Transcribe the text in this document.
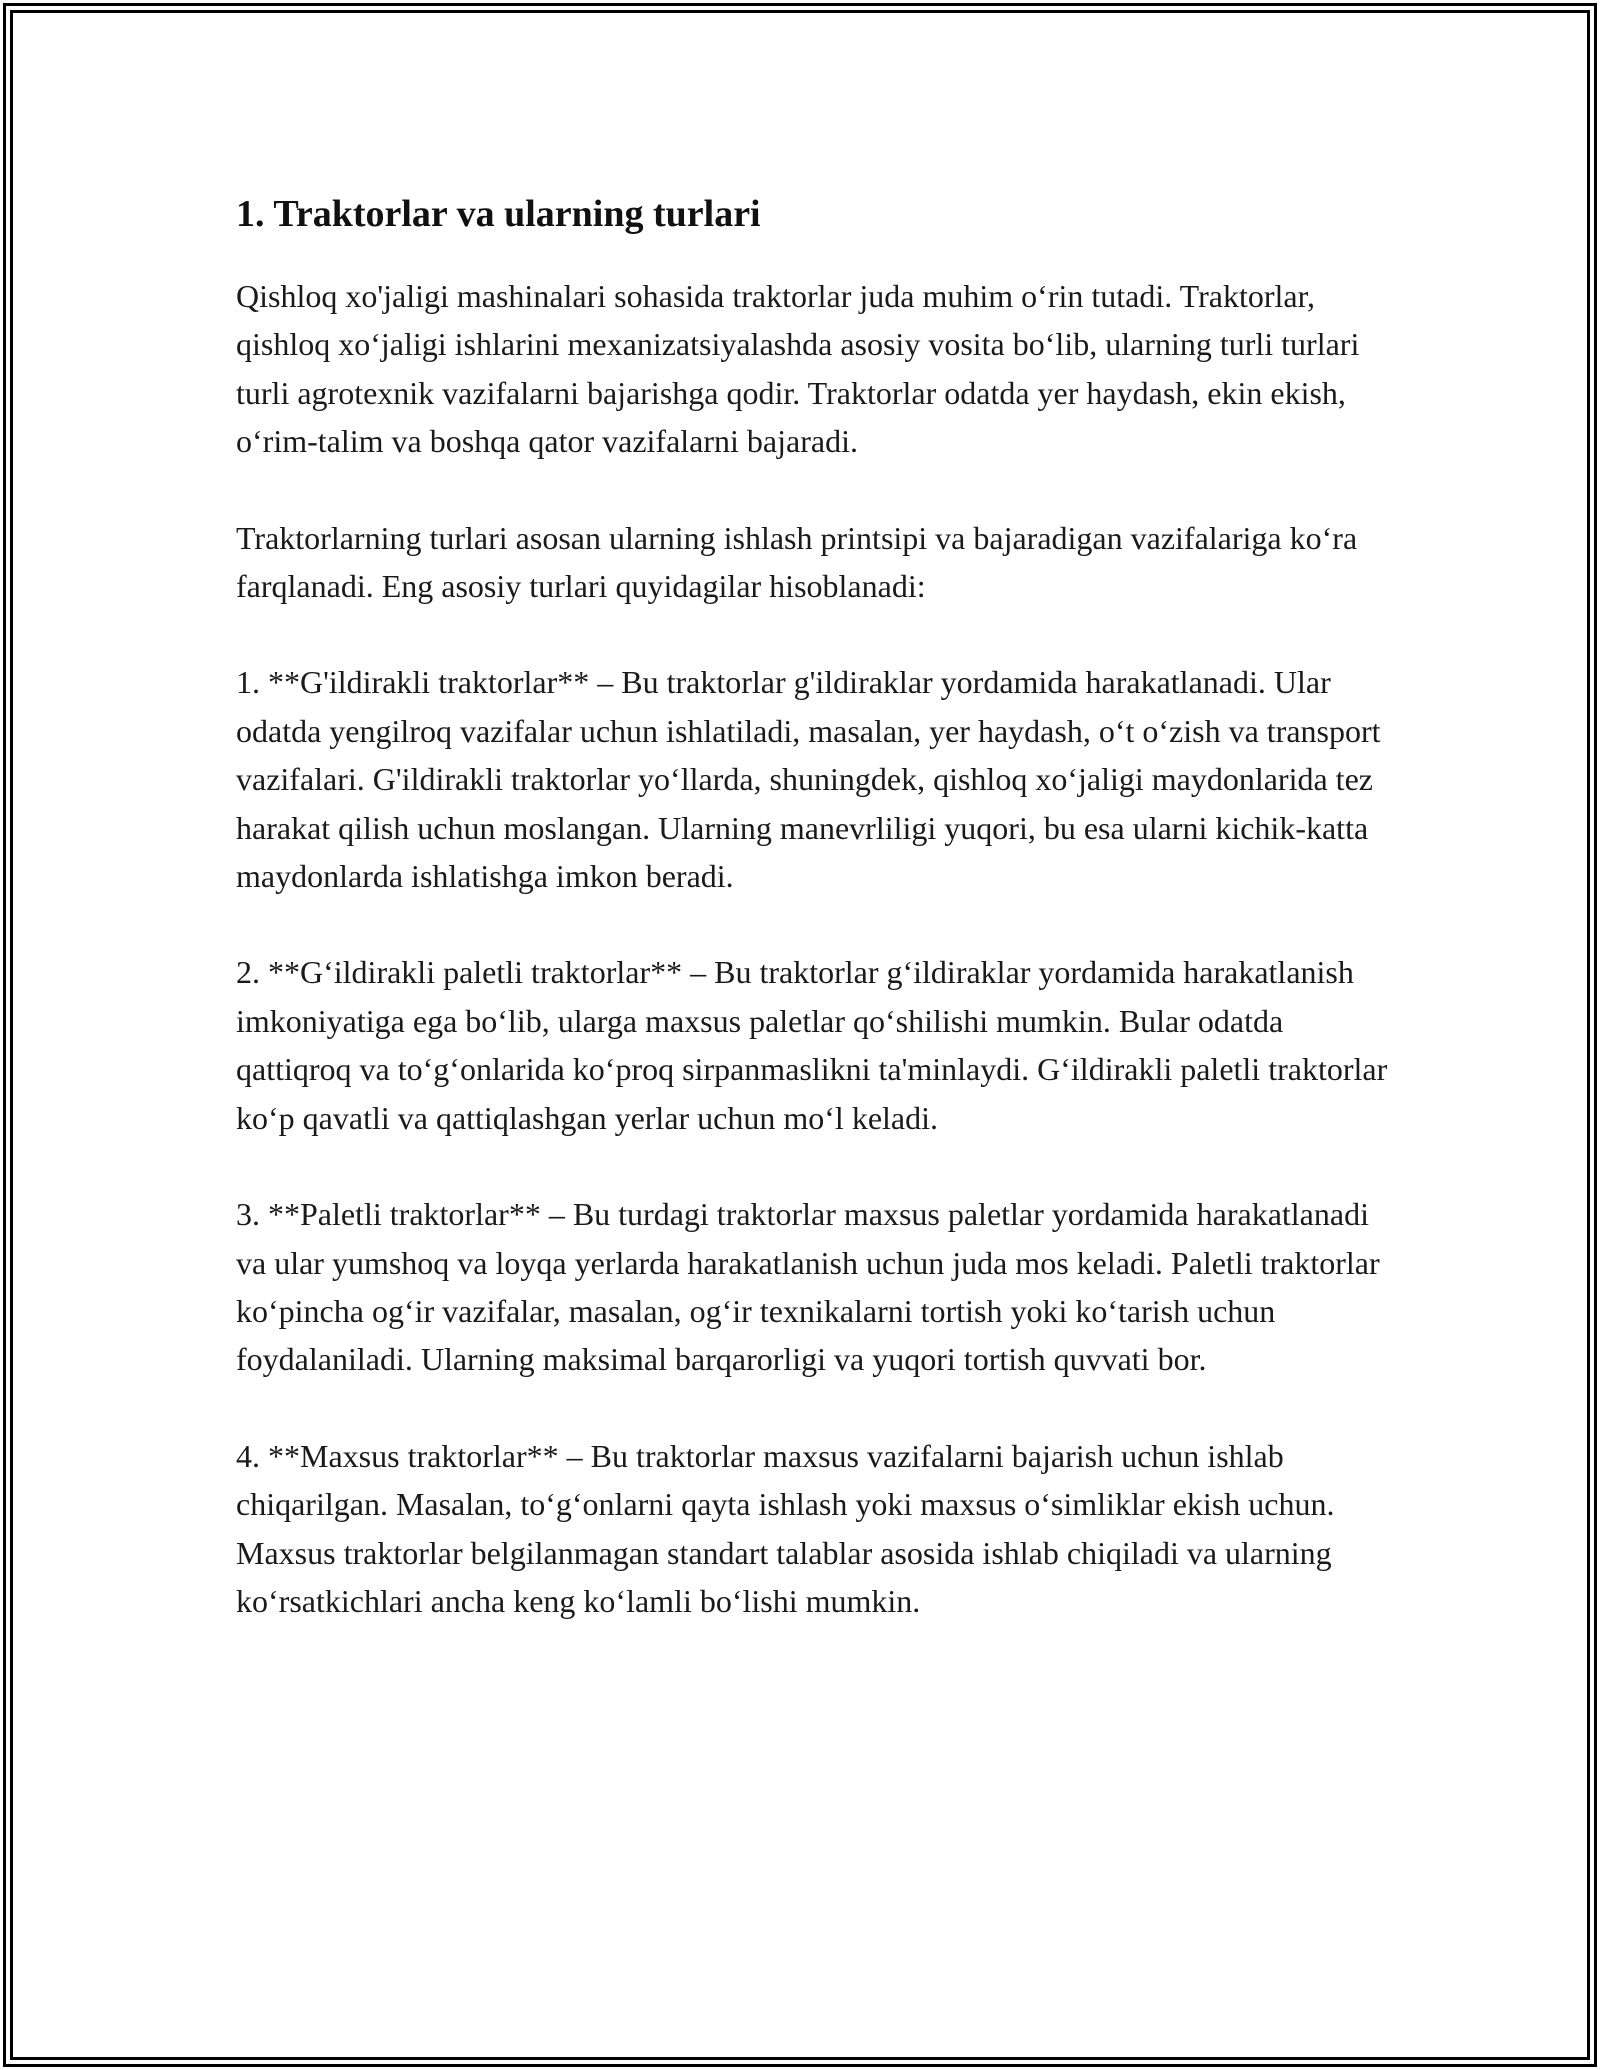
1. Traktorlar va ularning turlari

Qishloq xo'jaligi mashinalari sohasida traktorlar juda muhim oʻrin tutadi. Traktorlar, qishloq xoʻjaligi ishlarini mexanizatsiyalashda asosiy vosita boʻlib, ularning turli turlari turli agrotexnik vazifalarni bajarishga qodir. Traktorlar odatda yer haydash, ekin ekish, oʻrim-talim va boshqa qator vazifalarni bajaradi.

Traktorlarning turlari asosan ularning ishlash printsipi va bajaradigan vazifalariga koʻra farqlanadi. Eng asosiy turlari quyidagilar hisoblanadi:

1. **G'ildirakli traktorlar** – Bu traktorlar g'ildiraklar yordamida harakatlanadi. Ular odatda yengilroq vazifalar uchun ishlatiladi, masalan, yer haydash, oʻt oʻzish va transport vazifalari. G'ildirakli traktorlar yoʻllarda, shuningdek, qishloq xoʻjaligi maydonlarida tez harakat qilish uchun moslangan. Ularning manevrliligi yuqori, bu esa ularni kichik-katta maydonlarda ishlatishga imkon beradi.

2. **Gʻildirakli paletli traktorlar** – Bu traktorlar gʻildiraklar yordamida harakatlanish imkoniyatiga ega boʻlib, ularga maxsus paletlar qoʻshilishi mumkin. Bular odatda qattiqroq va toʻgʻonlarida koʻproq sirpanmaslikni ta'minlaydi. Gʻildirakli paletli traktorlar koʻp qavatli va qattiqlashgan yerlar uchun moʻl keladi.

3. **Paletli traktorlar** – Bu turdagi traktorlar maxsus paletlar yordamida harakatlanadi va ular yumshoq va loyqa yerlarda harakatlanish uchun juda mos keladi. Paletli traktorlar koʻpincha ogʻir vazifalar, masalan, ogʻir texnikalarni tortish yoki koʻtarish uchun foydalaniladi. Ularning maksimal barqarorligi va yuqori tortish quvvati bor.

4. **Maxsus traktorlar** – Bu traktorlar maxsus vazifalarni bajarish uchun ishlab chiqarilgan. Masalan, toʻgʻonlarni qayta ishlash yoki maxsus oʻsimliklar ekish uchun. Maxsus traktorlar belgilanmagan standart talablar asosida ishlab chiqiladi va ularning koʻrsatkichlari ancha keng koʻlamli boʻlishi mumkin.
